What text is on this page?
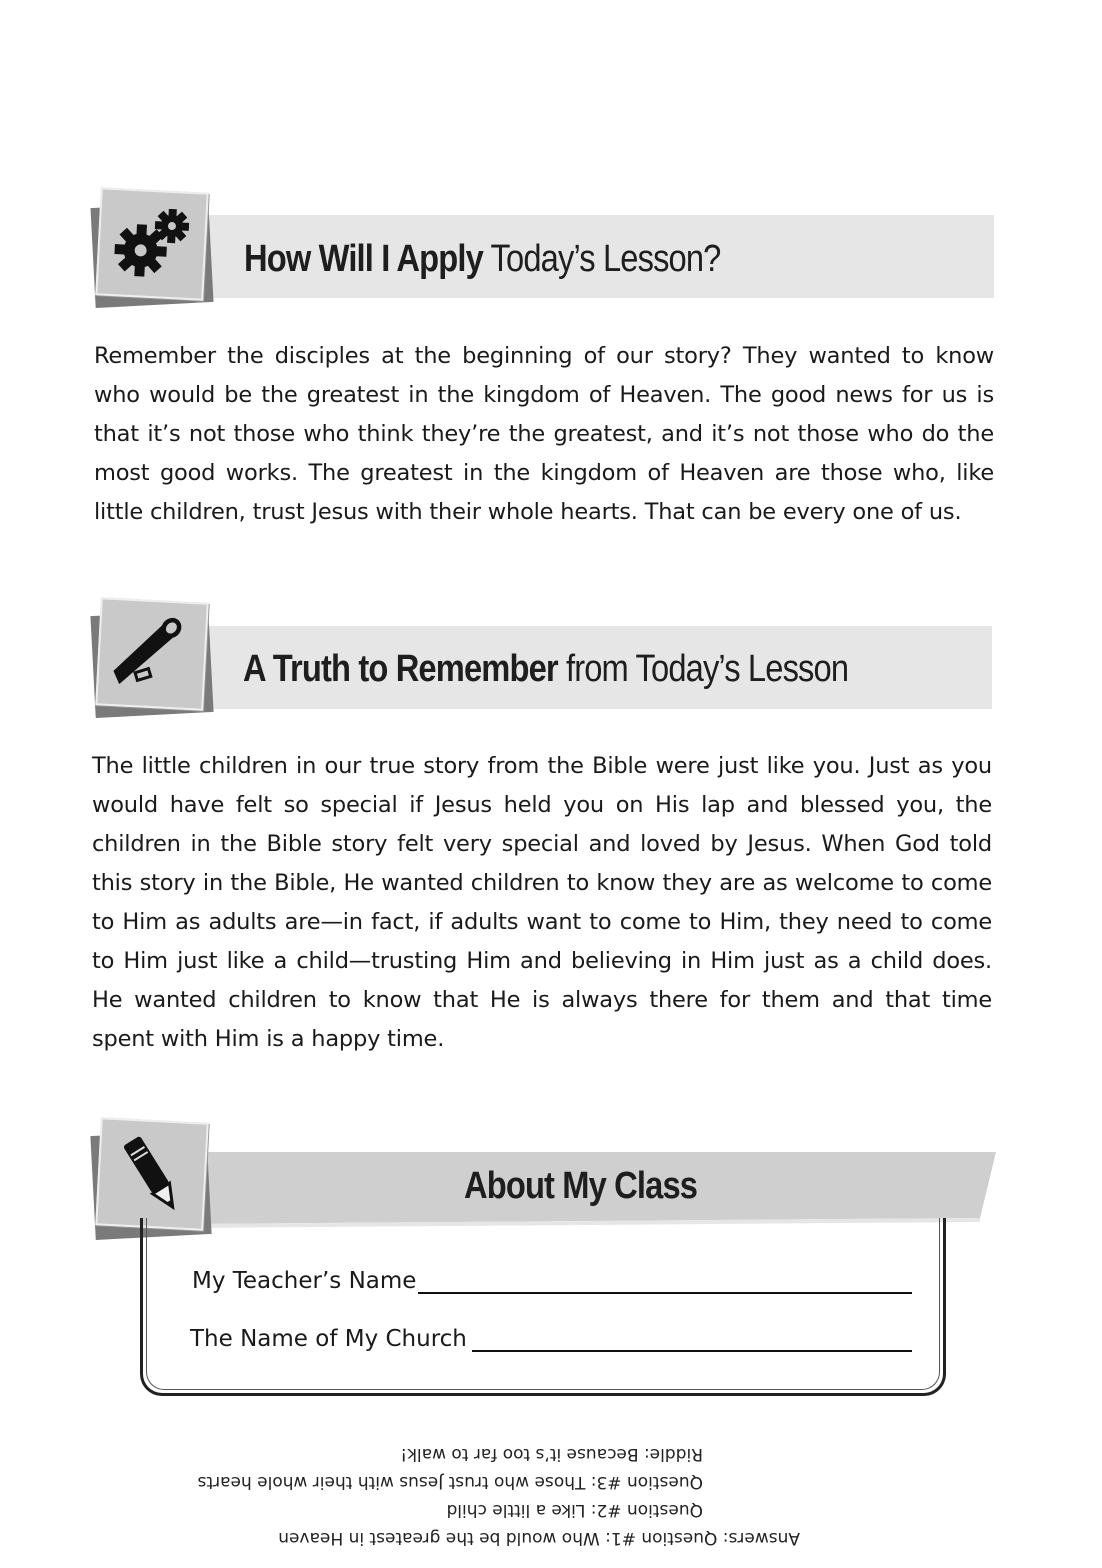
How Will I Apply Today’s Lesson?

Remember the disciples at the beginning of our story? They wanted to know who would be the greatest in the kingdom of Heaven. The good news for us is that it’s not those who think they’re the greatest, and it’s not those who do the most good works. The greatest in the kingdom of Heaven are those who, like little children, trust Jesus with their whole hearts. That can be every one of us.

A Truth to Remember from Today’s Lesson

The little children in our true story from the Bible were just like you. Just as you would have felt so special if Jesus held you on His lap and blessed you, the children in the Bible story felt very special and loved by Jesus. When God told this story in the Bible, He wanted children to know they are as welcome to come to Him as adults are—in fact, if adults want to come to Him, they need to come to Him just like a child—trusting Him and believing in Him just as a child does. He wanted children to know that He is always there for them and that time spent with Him is a happy time.

About My Class
My Teacher’s Name
The Name of My Church
Answers: Question #1: Who would be the greatest in Heaven
Question #2: Like a little child
Question #3: Those who trust Jesus with their whole hearts
Riddle: Because it’s too far to walk!
